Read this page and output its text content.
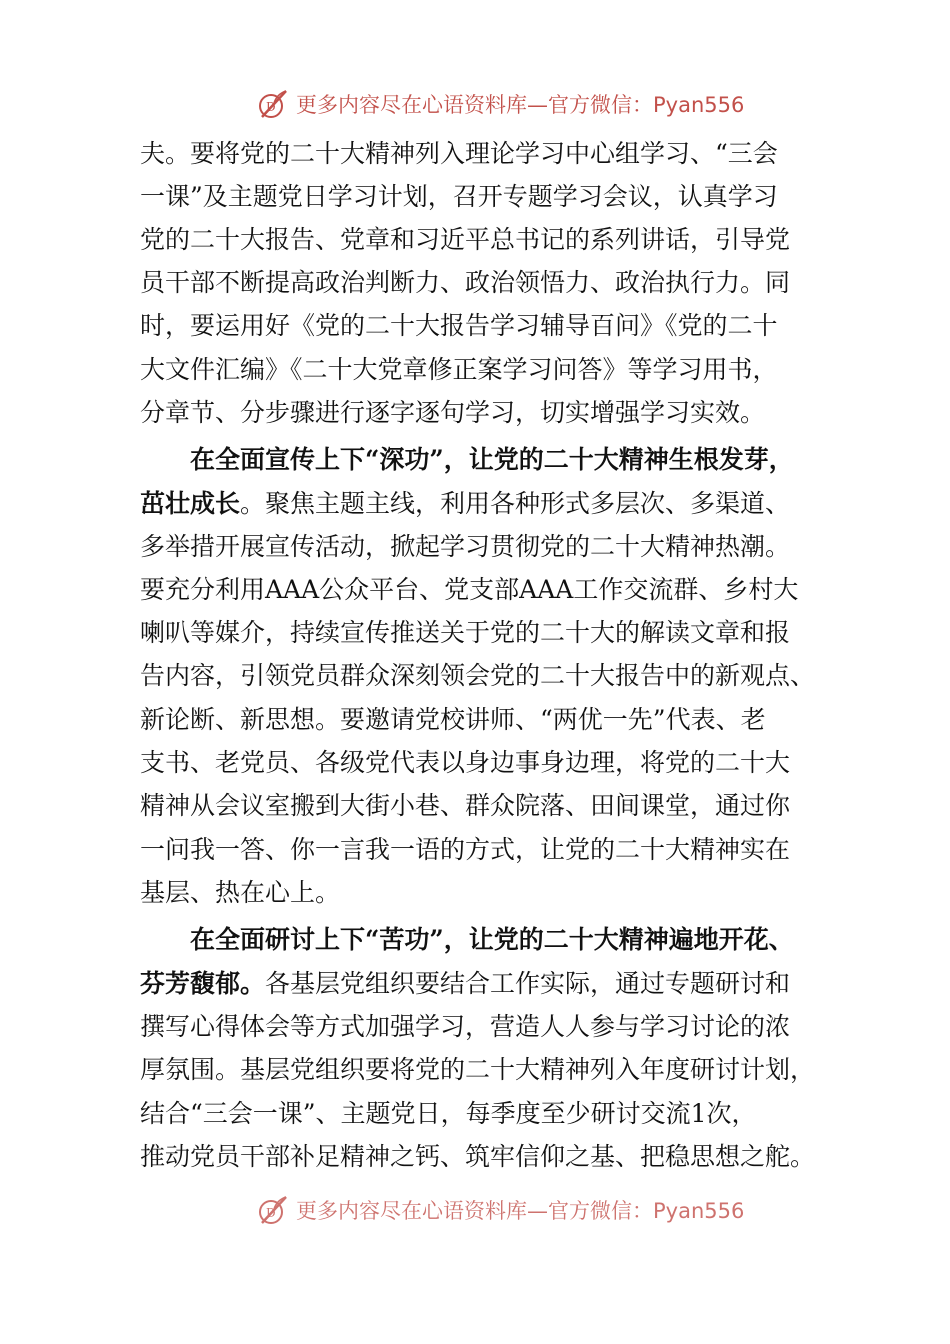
D 更多内容尽在心语资料库—官方微信：Pyan556
夫。要将党的二十大精神列入理论学习中心组学习、“三会
一课”及主题党日学习计划，召开专题学习会议，认真学习
党的二十大报告、党章和习近平总书记的系列讲话，引导党
员干部不断提高政治判断力、政治领悟力、政治执行力。同
时，要运用好《党的二十大报告学习辅导百问》《党的二十
大文件汇编》《二十大党章修正案学习问答》等学习用书，
分章节、分步骤进行逐字逐句学习，切实增强学习实效。
在全面宣传上下“深功”，让党的二十大精神生根发芽，
茁壮成长。聚焦主题主线，利用各种形式多层次、多渠道、
多举措开展宣传活动，掀起学习贯彻党的二十大精神热潮。
要充分利用AAA公众平台、党支部AAA工作交流群、乡村大
喇叭等媒介，持续宣传推送关于党的二十大的解读文章和报
告内容，引领党员群众深刻领会党的二十大报告中的新观点、
新论断、新思想。要邀请党校讲师、“两优一先”代表、老
支书、老党员、各级党代表以身边事身边理，将党的二十大
精神从会议室搬到大街小巷、群众院落、田间课堂，通过你
一问我一答、你一言我一语的方式，让党的二十大精神实在
基层、热在心上。
在全面研讨上下“苦功”，让党的二十大精神遍地开花、
芬芳馥郁。各基层党组织要结合工作实际，通过专题研讨和
撰写心得体会等方式加强学习，营造人人参与学习讨论的浓
厚氛围。基层党组织要将党的二十大精神列入年度研讨计划，
结合“三会一课”、主题党日，每季度至少研讨交流1次，
推动党员干部补足精神之钙、筑牢信仰之基、把稳思想之舵。
D 更多内容尽在心语资料库—官方微信：Pyan556
